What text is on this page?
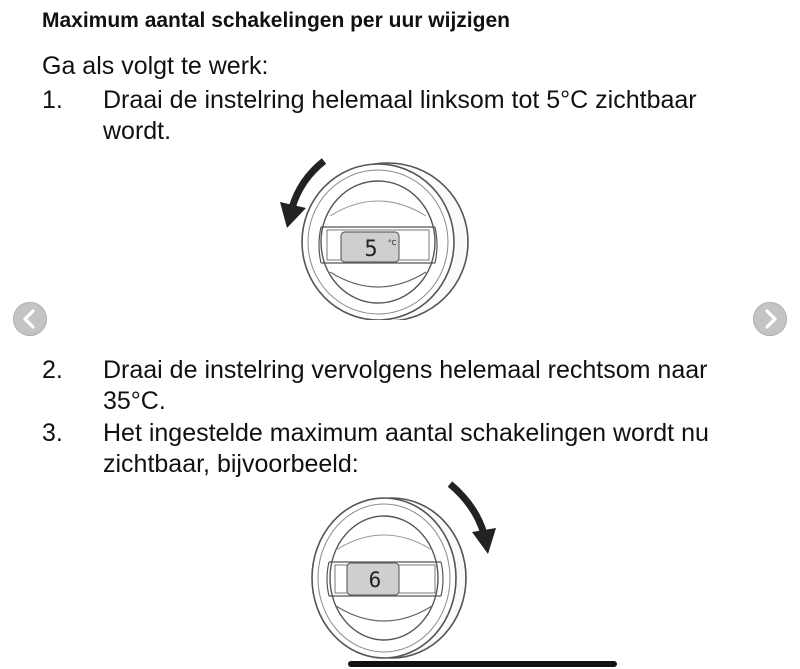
Maximum aantal schakelingen per uur wijzigen
Ga als volgt te werk:
1. Draai de instelring helemaal linksom tot 5°C zichtbaar wordt.
5 °C
2. Draai de instelring vervolgens helemaal rechtsom naar 35°C.
3. Het ingestelde maximum aantal schakelingen wordt nu zichtbaar, bijvoorbeeld:
6
